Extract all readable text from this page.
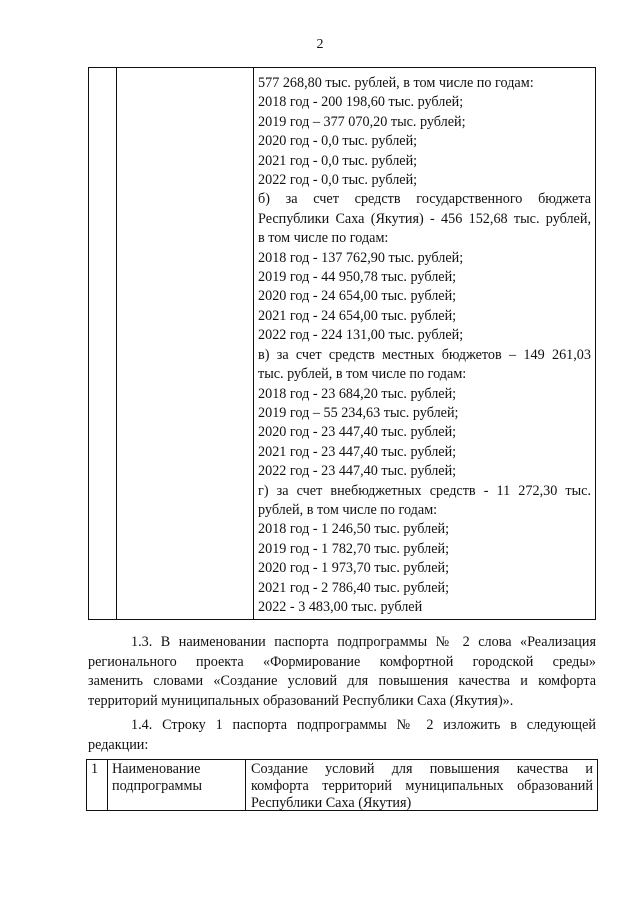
2
577 268,80 тыс. рублей, в том числе по годам:
2018 год - 200 198,60 тыс. рублей;
2019 год – 377 070,20 тыс. рублей;
2020 год - 0,0 тыс. рублей;
2021 год - 0,0 тыс. рублей;
2022 год - 0,0 тыс. рублей;
б) за счет средств государственного бюджета
Республики Саха (Якутия) - 456 152,68 тыс. рублей,
в том числе по годам:
2018 год - 137 762,90 тыс. рублей;
2019 год - 44 950,78 тыс. рублей;
2020 год - 24 654,00 тыс. рублей;
2021 год - 24 654,00 тыс. рублей;
2022 год - 224 131,00 тыс. рублей;
в) за счет средств местных бюджетов – 149 261,03
тыс. рублей, в том числе по годам:
2018 год - 23 684,20 тыс. рублей;
2019 год – 55 234,63 тыс. рублей;
2020 год - 23 447,40 тыс. рублей;
2021 год - 23 447,40 тыс. рублей;
2022 год - 23 447,40 тыс. рублей;
г) за счет внебюджетных средств - 11 272,30 тыс.
рублей, в том числе по годам:
2018 год - 1 246,50 тыс. рублей;
2019 год - 1 782,70 тыс. рублей;
2020 год - 1 973,70 тыс. рублей;
2021 год - 2 786,40 тыс. рублей;
2022 - 3 483,00 тыс. рублей
1.3. В наименовании паспорта подпрограммы № 2 слова «Реализация
регионального проекта «Формирование комфортной городской среды»
заменить словами «Создание условий для повышения качества и комфорта
территорий муниципальных образований Республики Саха (Якутия)».
1.4. Строку 1 паспорта подпрограммы № 2 изложить в следующей
редакции:
1 Наименование
подпрограммы
Создание условий для повышения качества и
комфорта территорий муниципальных образований
Республики Саха (Якутия)
